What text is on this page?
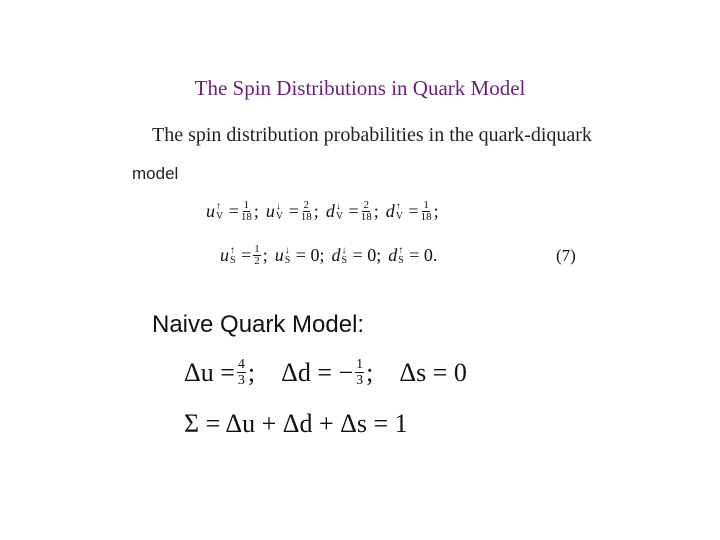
The Spin Distributions in Quark Model
The spin distribution probabilities in the quark-diquark
model
u ↑
$V = \frac{1}{18}$ ; u ↓
$V = \frac{2}{18}$ ; d ↓
$V = \frac{2}{18}$ ; d ↑
$V = \frac{1}{18}$ ;
u ↑
$S = \frac{1}{2}$ ; u ↓
S = 0 ; d ↓
S = 0 ; d ↑
S = 0 .	(7)
Naive Quark Model:
$\Delta u = \frac{4}{3}$ ; Δd = − $\frac{1}{3}$ ; Δs = 0
Σ = Δu + Δd + Δs = 1
